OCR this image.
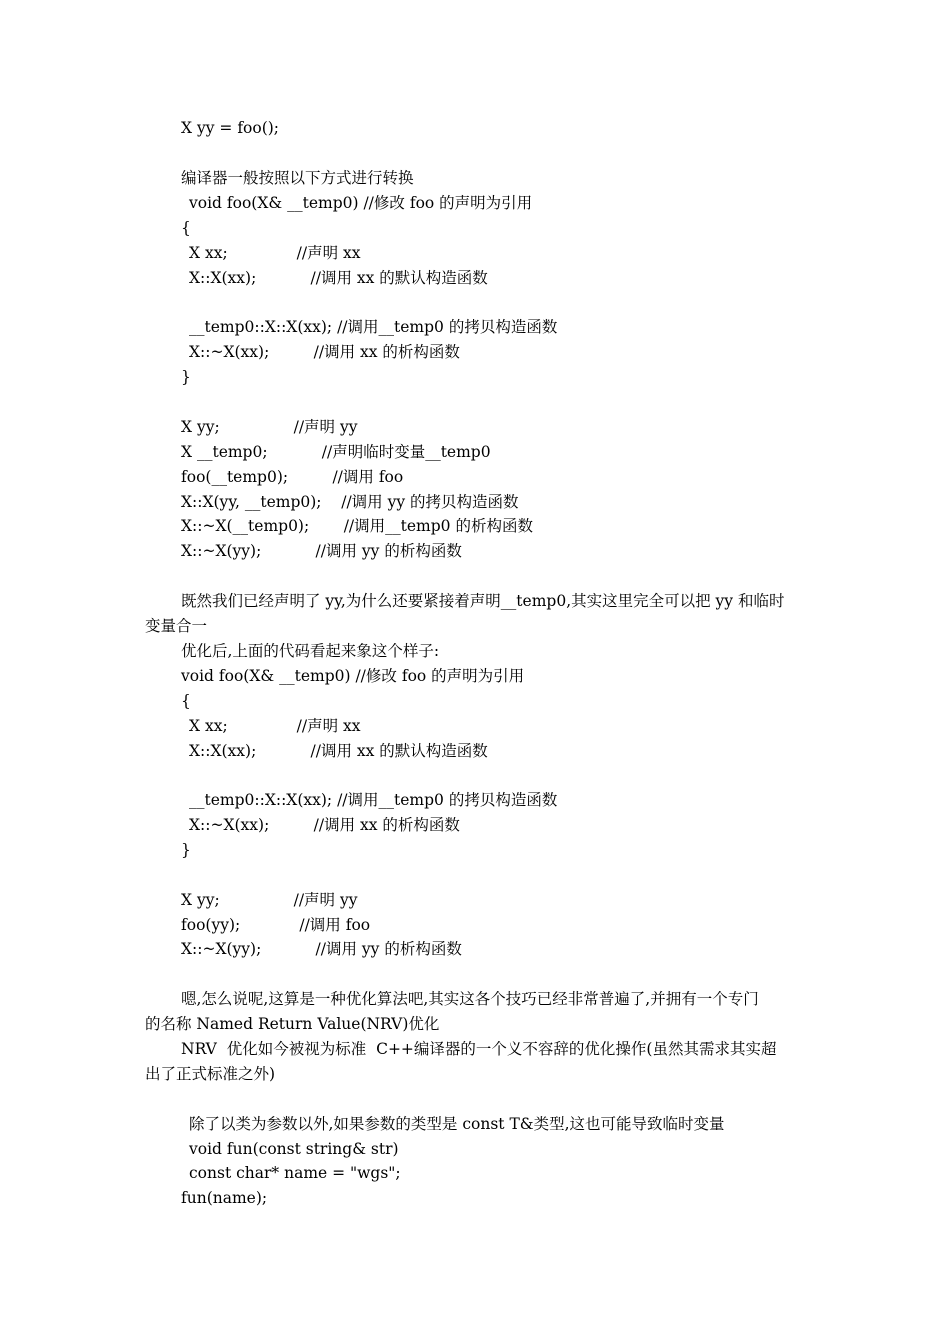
X yy = foo();
编译器一般按照以下方式进行转换
void foo(X& __temp0) //修改 foo 的声明为引用
{
X xx;              //声明 xx
X::X(xx);           //调用 xx 的默认构造函数
__temp0::X::X(xx); //调用__temp0 的拷贝构造函数
X::~X(xx);         //调用 xx 的析构函数
}
X yy;               //声明 yy
X __temp0;           //声明临时变量__temp0
foo(__temp0);         //调用 foo
X::X(yy, __temp0);    //调用 yy 的拷贝构造函数
X::~X(__temp0);       //调用__temp0 的析构函数
X::~X(yy);           //调用 yy 的析构函数
既然我们已经声明了 yy,为什么还要紧接着声明__temp0,其实这里完全可以把 yy 和临时
变量合一
优化后,上面的代码看起来象这个样子:
void foo(X& __temp0) //修改 foo 的声明为引用
{
X xx;              //声明 xx
X::X(xx);           //调用 xx 的默认构造函数
__temp0::X::X(xx); //调用__temp0 的拷贝构造函数
X::~X(xx);         //调用 xx 的析构函数
}
X yy;               //声明 yy
foo(yy);            //调用 foo
X::~X(yy);           //调用 yy 的析构函数
嗯,怎么说呢,这算是一种优化算法吧,其实这各个技巧已经非常普遍了,并拥有一个专门
的名称 Named Return Value(NRV)优化
NRV  优化如今被视为标准  C++编译器的一个义不容辞的优化操作(虽然其需求其实超
出了正式标准之外)
除了以类为参数以外,如果参数的类型是 const T&类型,这也可能导致临时变量
void fun(const string& str)
const char* name = "wgs";
fun(name);
